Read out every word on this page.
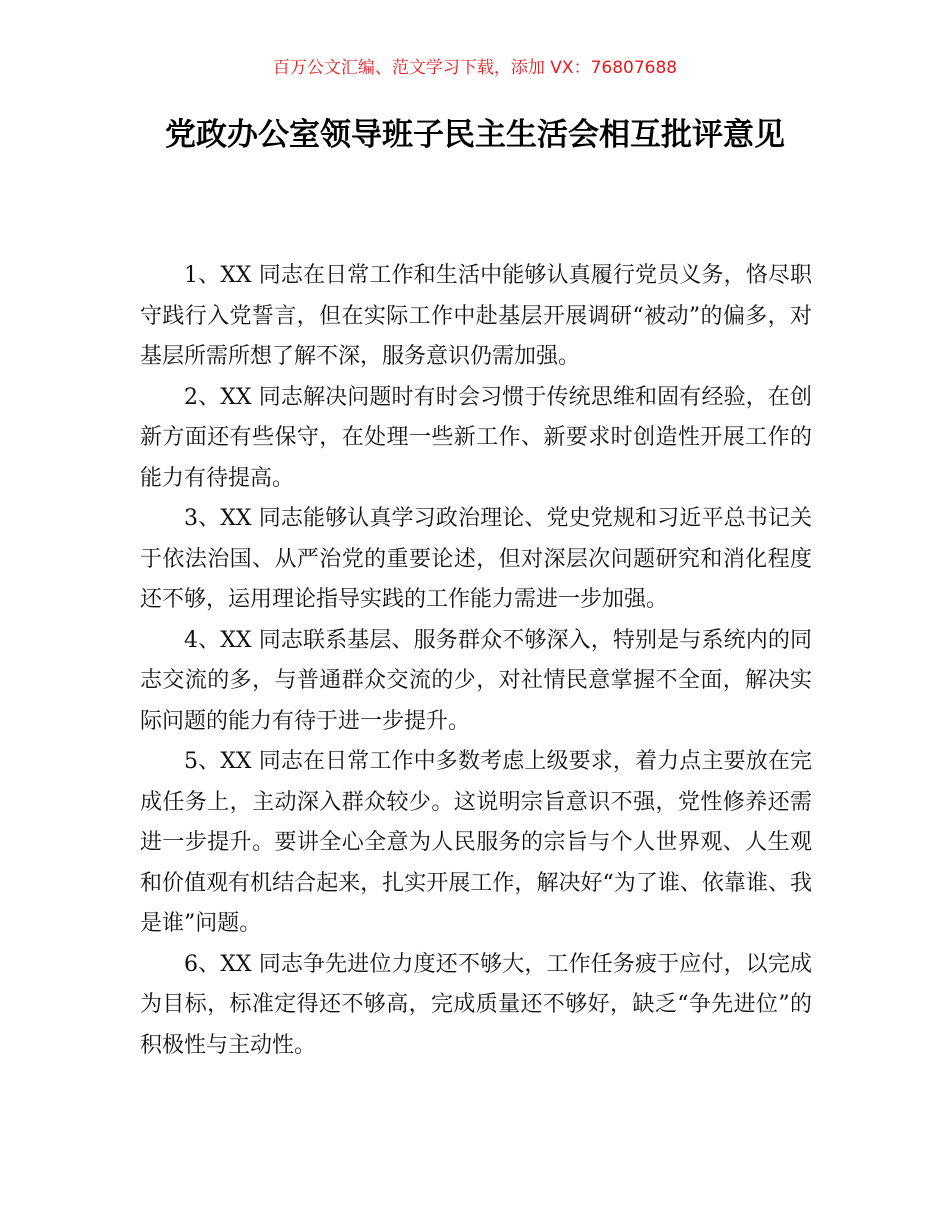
百万公文汇编、范文学习下载，添加 VX：76807688
党政办公室领导班子民主生活会相互批评意见

1、XX 同志在日常工作和生活中能够认真履行党员义务，恪尽职守践行入党誓言，但在实际工作中赴基层开展调研“被动”的偏多，对基层所需所想了解不深，服务意识仍需加强。

2、XX 同志解决问题时有时会习惯于传统思维和固有经验，在创新方面还有些保守，在处理一些新工作、新要求时创造性开展工作的能力有待提高。

3、XX 同志能够认真学习政治理论、党史党规和习近平总书记关于依法治国、从严治党的重要论述，但对深层次问题研究和消化程度还不够，运用理论指导实践的工作能力需进一步加强。

4、XX 同志联系基层、服务群众不够深入，特别是与系统内的同志交流的多，与普通群众交流的少，对社情民意掌握不全面，解决实际问题的能力有待于进一步提升。

5、XX 同志在日常工作中多数考虑上级要求，着力点主要放在完成任务上，主动深入群众较少。这说明宗旨意识不强，党性修养还需进一步提升。要讲全心全意为人民服务的宗旨与个人世界观、人生观和价值观有机结合起来，扎实开展工作，解决好“为了谁、依靠谁、我是谁”问题。

6、XX 同志争先进位力度还不够大，工作任务疲于应付，以完成为目标，标准定得还不够高，完成质量还不够好，缺乏“争先进位”的积极性与主动性。
